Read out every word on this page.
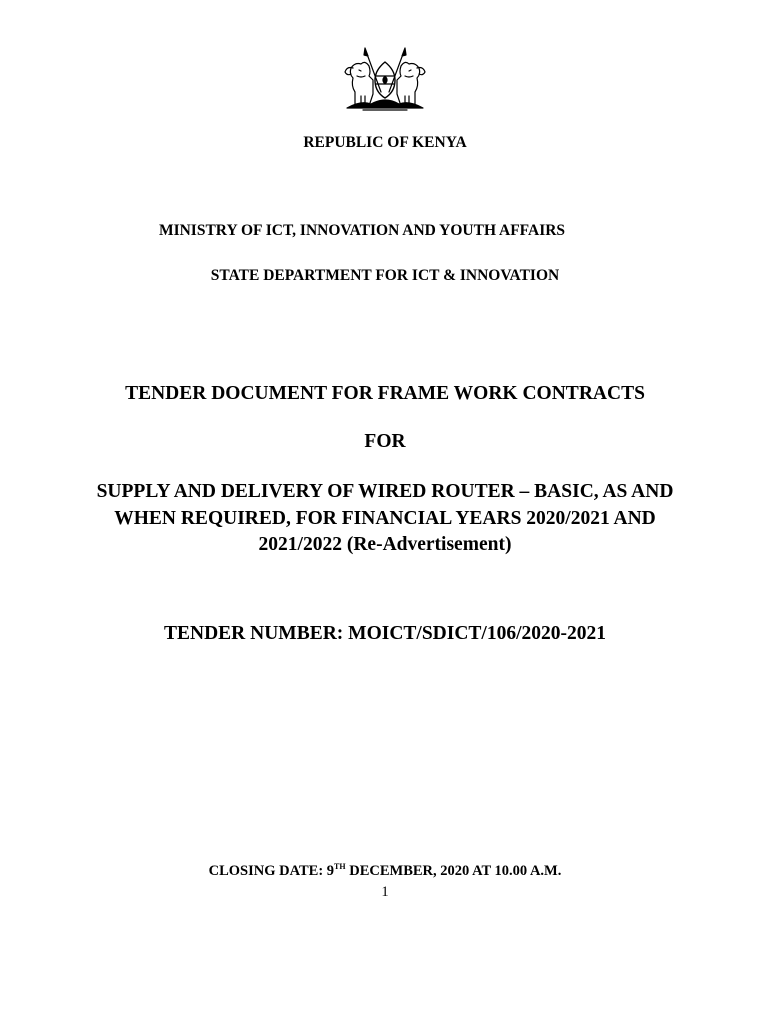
REPUBLIC OF KENYA
MINISTRY OF ICT, INNOVATION AND YOUTH AFFAIRS
STATE DEPARTMENT FOR ICT & INNOVATION
TENDER DOCUMENT FOR FRAME WORK CONTRACTS
FOR
SUPPLY AND DELIVERY OF WIRED ROUTER – BASIC, AS AND
WHEN REQUIRED, FOR FINANCIAL YEARS 2020/2021 AND
2021/2022 (Re-Advertisement)
TENDER NUMBER: MOICT/SDICT/106/2020-2021
CLOSING DATE: 9TH DECEMBER, 2020 AT 10.00 A.M.
1
